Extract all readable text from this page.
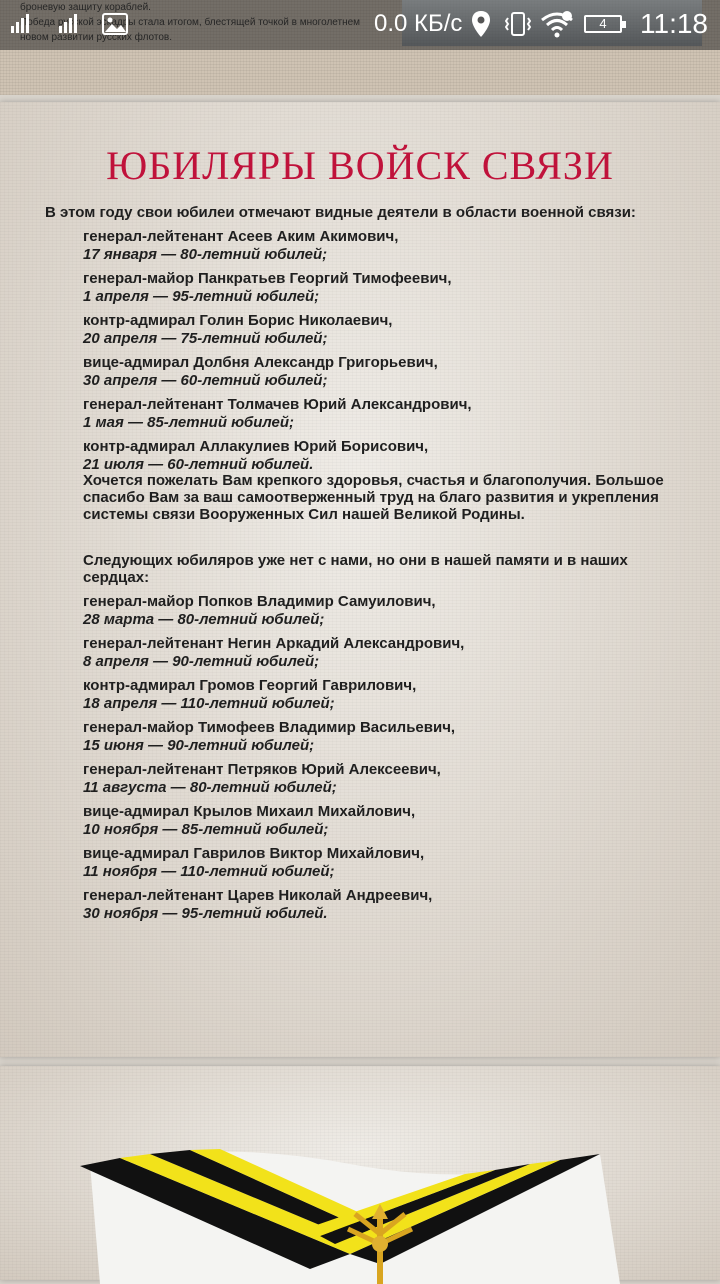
0.0 КБ/с	4	11:18
ЮБИЛЯРЫ ВОЙСК СВЯЗИ
В этом году свои юбилеи отмечают видные деятели в области военной связи:
генерал-лейтенант Асеев Аким Акимович,
17 января — 80-летний юбилей;
генерал-майор Панкратьев Георгий Тимофеевич,
1 апреля — 95-летний юбилей;
контр-адмирал Голин Борис Николаевич,
20 апреля — 75-летний юбилей;
вице-адмирал Долбня Александр Григорьевич,
30 апреля — 60-летний юбилей;
генерал-лейтенант Толмачев Юрий Александрович,
1 мая — 85-летний юбилей;
контр-адмирал Аллакулиев Юрий Борисович,
21 июля — 60-летний юбилей.
Хочется пожелать Вам крепкого здоровья, счастья и благополучия. Большое спасибо Вам за ваш самоотверженный труд на благо развития и укрепления системы связи Вооруженных Сил нашей Великой Родины.
Следующих юбиляров уже нет с нами, но они в нашей памяти и в наших сердцах:
генерал-майор Попков Владимир Самуилович,
28 марта — 80-летний юбилей;
генерал-лейтенант Негин Аркадий Александрович,
8 апреля — 90-летний юбилей;
контр-адмирал Громов Георгий Гаврилович,
18 апреля — 110-летний юбилей;
генерал-майор Тимофеев Владимир Васильевич,
15 июня — 90-летний юбилей;
генерал-лейтенант Петряков Юрий Алексеевич,
11 августа — 80-летний юбилей;
вице-адмирал Крылов Михаил Михайлович,
10 ноября — 85-летний юбилей;
вице-адмирал Гаврилов Виктор Михайлович,
11 ноября — 110-летний юбилей;
генерал-лейтенант Царев Николай Андреевич,
30 ноября — 95-летний юбилей.
